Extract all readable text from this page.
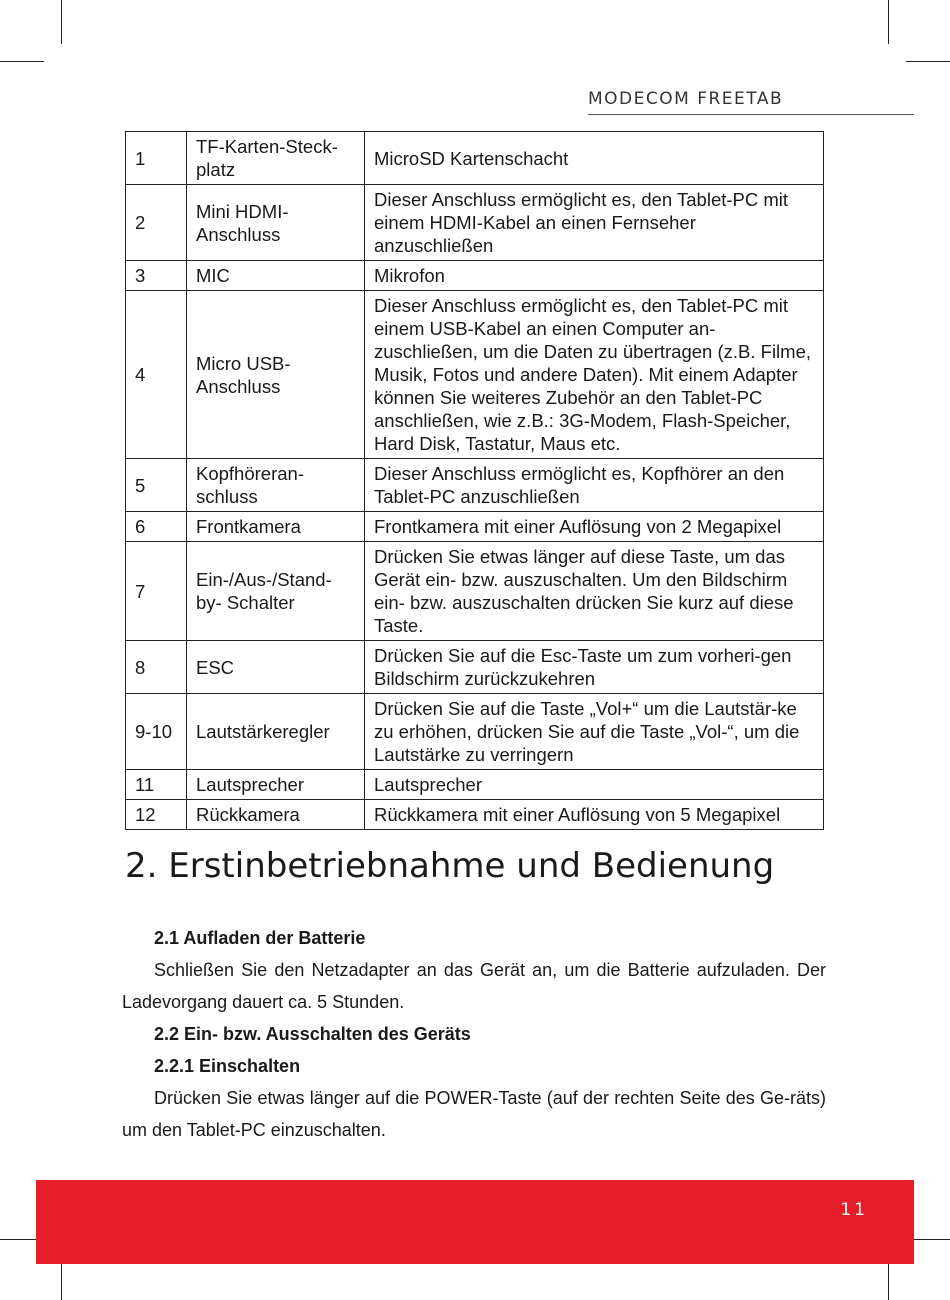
MODECOM FREETAB
1	TF-Karten-Steck-platz	MicroSD Kartenschacht
2	Mini HDMI-Anschluss	Dieser Anschluss ermöglicht es, den Tablet-PC mit einem HDMI-Kabel an einen Fernseher anzuschließen
3	MIC	Mikrofon
4	Micro USB-Anschluss	Dieser Anschluss ermöglicht es, den Tablet-PC mit einem USB-Kabel an einen Computer an-zuschließen, um die Daten zu übertragen (z.B. Filme, Musik, Fotos und andere Daten). Mit einem Adapter können Sie weiteres Zubehör an den Tablet-PC anschließen, wie z.B.: 3G-Modem, Flash-Speicher, Hard Disk, Tastatur, Maus etc.
5	Kopfhöreran-schluss	Dieser Anschluss ermöglicht es, Kopfhörer an den Tablet-PC anzuschließen
6	Frontkamera	Frontkamera mit einer Auflösung von 2 Megapixel
7	Ein-/Aus-/Stand-by- Schalter	Drücken Sie etwas länger auf diese Taste, um das Gerät ein- bzw. auszuschalten. Um den Bildschirm ein- bzw. auszuschalten drücken Sie kurz auf diese Taste.
8	ESC	Drücken Sie auf die Esc-Taste um zum vorheri-gen Bildschirm zurückzukehren
9-10	Lautstärkeregler	Drücken Sie auf die Taste „Vol+“ um die Lautstär-ke zu erhöhen, drücken Sie auf die Taste „Vol-“, um die Lautstärke zu verringern
11	Lautsprecher	Lautsprecher
12	Rückkamera	Rückkamera mit einer Auflösung von 5 Megapixel
2. Erstinbetriebnahme und Bedienung
2.1 Aufladen der Batterie
Schließen Sie den Netzadapter an das Gerät an, um die Batterie aufzuladen. Der Ladevorgang dauert ca. 5 Stunden.
2.2 Ein- bzw. Ausschalten des Geräts
2.2.1 Einschalten
Drücken Sie etwas länger auf die POWER-Taste (auf der rechten Seite des Ge-räts) um den Tablet-PC einzuschalten.
11
